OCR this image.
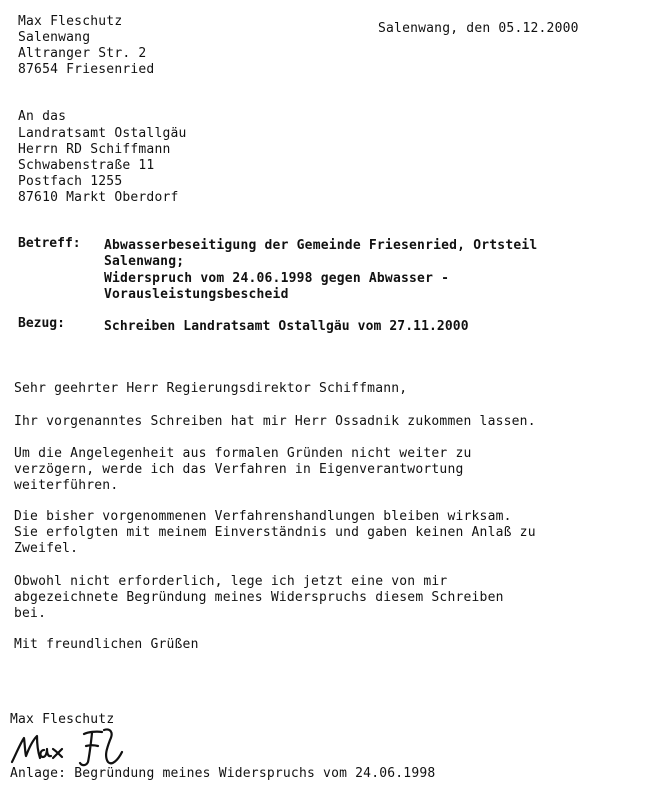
Max Fleschutz
Salenwang
Altranger Str. 2
87654 Friesenried
Salenwang, den 05.12.2000
An das
Landratsamt Ostallgäu
Herrn RD Schiffmann
Schwabenstraße 11
Postfach 1255
87610 Markt Oberdorf
Betreff: Abwasserbeseitigung der Gemeinde Friesenried, Ortsteil
Salenwang;
Widerspruch vom 24.06.1998 gegen Abwasser -
Vorausleistungsbescheid
Bezug:	Schreiben Landratsamt Ostallgäu vom 27.11.2000
Sehr geehrter Herr Regierungsdirektor Schiffmann,
Ihr vorgenanntes Schreiben hat mir Herr Ossadnik zukommen lassen.
Um die Angelegenheit aus formalen Gründen nicht weiter zu
verzögern, werde ich das Verfahren in Eigenverantwortung
weiterführen.
Die bisher vorgenommenen Verfahrenshandlungen bleiben wirksam.
Sie erfolgten mit meinem Einverständnis und gaben keinen Anlaß zu
Zweifel.
Obwohl nicht erforderlich, lege ich jetzt eine von mir
abgezeichnete Begründung meines Widerspruchs diesem Schreiben
bei.
Mit freundlichen Grüßen
Max Fleschutz
Anlage: Begründung meines Widerspruchs vom 24.06.1998
